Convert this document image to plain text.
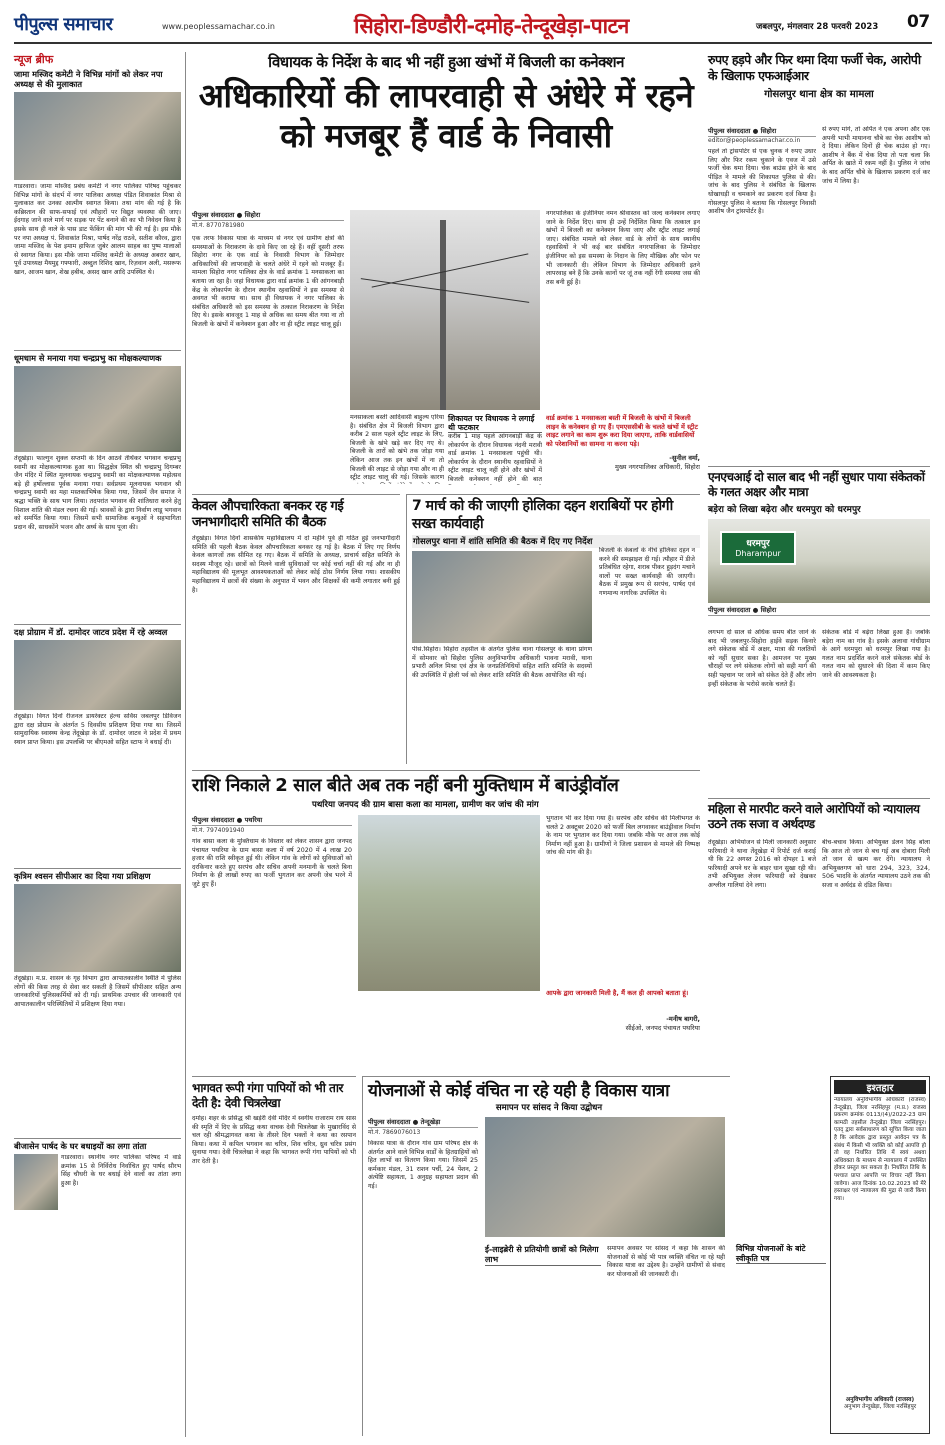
पीपुल्स समाचार	www.peoplessamachar.co.in	सिहोरा-डिण्डौरी-दमोह-तेन्दूखेड़ा-पाटन	जबलपुर, मंगलवार 28 फरवरी 2023 07
न्यूज ब्रीफ
जामा मस्जिद कमेटी ने विभिन्न मांगों को लेकर नपा अध्यक्ष से की मुलाकात
गाडरवारा। जामा मस्जिद प्रबंध कमेटी ने नगर पालिका परिषद पहुंचकर विभिन्न मांगों के संदर्भ में नगर पालिका अध्यक्ष पंडित शिवाकांत मिश्रा से मुलाकात कर उनका आत्मीय स्वागत किया। तथा मांग की गई है कि कब्रिस्तान की साफ-सफाई एवं त्यौहारों पर विद्युत व्यवस्था की जाए। ईदगाह जाने वाले मार्ग पर सड़क पर पेंट बनाने की का भी निवेदन किया है इसके साथ ही नाले के पास डाट फेंकिंग की मांग भी की गई है। इस मौके पर नपा अध्यक्ष पं. शिवाकांत मिश्रा, पार्षद नरेंद्र राठवे, सतीश कौरव, द्वारा जामा मस्जिद के पेश इमाम हाफिज जुबेर आलम साहब का पुष्प मालाओं से स्वागत किया। इस मौके जामा मस्जिद कमेटी के अध्यक्ष अबरार खान, पूर्व उपाध्यक्ष मैयमुद्द गफ्फारी, अब्दुल रिशिद खान, रिज़वान अली, मसरूफ खान, आजम खान, शेख हबीब, असद खान आदि उपस्थित थे।
धूमधाम से मनाया गया चन्द्रप्रभु का मोक्षकल्याणक
तेंदूखेड़ा। फाल्गुन शुक्ल सप्तमी के दिन आठवें तीर्थंकर भगवान चन्द्रप्रभु स्वामी का मोक्षकल्याणक हुआ था। सिद्धक्षेत्र स्थित श्री चन्द्रप्रभु दिगम्बर जैन मंदिर में स्थित मूलनायक चन्द्रप्रभु स्वामी का मोक्षकल्याणक महोत्सव बड़े ही हर्षोल्लास पूर्वक मनाया गया। सर्वप्रथम मूलनायक भगवान श्री चन्द्रप्रभु स्वामी का महा मस्तकाभिषेक किया गया, जिसमें जैन समाज ने श्रद्धा भक्ति के साथ भाग लिया। तदपरांत भगवान की शांतिधारा करने हेतु विशाल शांति की मंडल रचना की गई। श्रावकों के द्वारा निर्वाण लाडू भगवान को समर्पित किया गया। जिसमें सभी सामाजिक बन्धुओं ने सहभागिता प्रदान की, साधकोंने भजन और अर्घ्य के साथ पूजा की।
दक्ष प्रोग्राम में डॉ. दामोदर जाटव प्रदेश में रहे अव्वल
तेंदूखेड़ा। विगत दिनों रीजनल डायरेक्टर हेल्थ सर्विस जबलपुर डिविजन द्वारा दक्ष प्रोग्राम के अंतर्गत 5 दिवसीय प्रशिक्षण दिया गया था। जिसमें सामुदायिक स्वास्थ्य केन्द्र तेंदूखेड़ा के डॉ. दामोदर जाटव ने प्रदेश में प्रथम स्थान प्राप्त किया। इस उपलब्धि पर बीएमओ सहित स्टाफ ने बधाई दी।
कृत्रिम श्वसन सीपीआर का दिया गया प्रशिक्षण
तेंदूखेड़ा। म.प्र. शासन के गृह विभाग द्वारा आपातकालीन स्थिति में पुलिस लोगों की किस तरह से सेवा कर सकती है जिसमें सीपीआर सहित अन्य जानकारियों पुलिसकर्मियों को दी गई। प्राथमिक उपचार की जानकारी एवं आपातकालीन परिस्थितियों में प्रशिक्षण दिया गया।
बीजासेन पार्षद के घर बधाइयों का लगा तांता
गाडरवारा। स्थानीय नगर पालिका परिषद में वार्ड क्रमांक 15 से निर्विरोध निर्वाचित हुए पार्षद सौरभ सिंह चौधरी के घर बधाई देने वालों का तांता लगा हुआ है।
विधायक के निर्देश के बाद भी नहीं हुआ खंभों में बिजली का कनेक्शन
अधिकारियों की लापरवाही से अंधेरे में रहने को मजबूर हैं वार्ड के निवासी
पीपुल्स संवाददाता ● सिहोरा
मो.नं. 8770781980
एक तरफ विकास यात्रा के माध्यम से नगर एवं ग्रामीण क्षेत्रों की समस्याओं के निराकरण के दावे किए जा रहे हैं। वहीं दूसरी तरफ सिहोरा नगर के एक वार्ड के निवासी विभाग के जिम्मेदार अधिकारियों की लापरवाही के चलते अंधेरे में रहने को मजबूर हैं। मामला सिहोरा नगर पालिका क्षेत्र के वार्ड क्रमांक 1 मनसाकला का बताया जा रहा है। जहां विधायक द्वारा वार्ड क्रमांक 1 की आंगनबाड़ी केंद्र के लोकार्पण के दौरान स्थानीय रहवासियों ने इस समस्या से अवगत भी कराया था। साथ ही विधायक ने नगर पालिका के संबंधित अधिकारी को इस समस्या के तत्काल निराकरण के निर्देश दिए थे। इसके बावजूद 1 माह से अधिक का समय बीत गया ना तो बिजली के खंभों में कनेक्शन हुआ और ना ही स्ट्रीट लाइट चालू हुई।
नगरपालिका के इंजीनियर नमन श्रीवास्तव को जल्द कनेक्शन लगाए जाने के निर्देश दिए। साथ ही उन्हें निर्देशित किया कि तत्काल इन खंभों में बिजली का कनेक्शन किया जाए और स्ट्रीट लाइट लगाई जाए। संबंधित मामले को लेकर वार्ड के लोगों के साथ स्थानीय रहवासियों ने भी कई बार संबंधित नगरपालिका के जिम्मेदार इंजीनियर को इस समस्या के निदान के लिए मौखिक और फोन पर भी जानकारी दी। लेकिन विभाग के जिम्मेदार अधिकारी इतने लापरवाह बने हैं कि उनके कानों पर जूं तक नहीं रेंगी समस्या जस की तस बनी हुई है।
मनसाकला बस्ती आदिवासी बाहुल्य एरिया है। संबंधित क्षेत्र में बिजली विभाग द्वारा करीब 2 साल पहले स्ट्रीट लाइट के लिए, बिजली के खंभे खड़े कर दिए गए थे। बिजली के तारों को खंभे तक जोड़ा गया लेकिन आज तक इन खंभों में ना तो बिजली की लाइट से जोड़ा गया और ना ही स्ट्रीट लाइट चालू की गई। जिसके कारण
शिकायत पर विधायक ने लगाई थी फटकार
करीब 1 माह पहले आंगनबाड़ी केंद्र के लोकार्पण के दौरान विधायक नंदनी मरावी वार्ड क्रमांक 1 मनसाकला पहुंची थी। लोकार्पण के दौरान स्थानीय रहवासियों ने स्ट्रीट लाइट चालू नहीं होने और खंभों में बिजली कनेक्शन नहीं होने की बात
वार्ड क्रमांक 1 मनसाकला बस्ती में बिजली के खंभों में बिजली लाइन के कनेक्शन हो गए हैं। एमएससीबी के चलते खंभों में स्ट्रीट लाइट लगाने का काम शुरू करा दिया जाएगा, ताकि वार्डवासियों को परेशानियों का सामना ना करना पड़े।
-सुनील वर्मा,
मुख्य नगरपालिका अधिकारी, सिहोरा
केवल औपचारिकता बनकर रह गई जनभागीदारी समिति की बैठक
तेंदूखेड़ा। विगत दिनों शासकीय महाविद्यालय में दो महीने पूर्व ही गठित हुई जनभागीदारी समिति की पहली बैठक केवल औपचारिकता बनकर रह गई है। बैठक में लिए गए निर्णय केवल कागजों तक सीमित रह गए। बैठक में समिति के अध्यक्ष, प्राचार्य सहित समिति के सदस्य मौजूद रहे। छात्रों को मिलने वाली सुविधाओं पर कोई चर्चा नहीं की गई और ना ही महाविद्यालय की मूलभूत आवश्यकताओं को लेकर कोई ठोस निर्णय लिया गया। शासकीय महाविद्यालय में छात्रों की संख्या के अनुपात में भवन और शिक्षकों की कमी लगातार बनी हुई है।
7 मार्च को की जाएगी होलिका दहन शराबियों पर होगी सख्त कार्यवाही
गोसलपुर थाना में शांति समिति की बैठक में दिए गए निर्देश
बिजली के केबलों के नीचे होलिका दहन न करने की समझाइश दी गई। त्यौहार में डीजे प्रतिबंधित रहेगा, शराब पीकर हुड़दंग मचाने वालों पर सख्त कार्यवाही की जाएगी। बैठक में प्रमुख रूप से सरपंच, पार्षद एवं गणमान्य नागरिक उपस्थित थे।
पीसं.सिहोरा। सिहोरा तहसील के अंतर्गत पुलिस थाना गोसलपुर के थाना प्रांगण में सोमवार को सिहोरा पुलिस अनुविभागीय अधिकारी भावना मरावी, थाना प्रभारी अनिल मिश्रा एवं क्षेत्र के जनप्रतिनिधियों सहित शांति समिति के सदस्यों की उपस्थिति में होली पर्व को लेकर शांति समिति की बैठक आयोजित की गई।
राशि निकाले 2 साल बीते अब तक नहीं बनी मुक्तिधाम में बाउंड्रीवॉल
पथरिया जनपद की ग्राम बासा कला का मामला, ग्रामीण कर जांच की मांग
पीपुल्स संवाददाता ● पथरिया
मो.नं. 7974091940
गांव बासा कला के मुक्तिधाम के विस्तार को लेकर शासन द्वारा जनपद पंचायत पथरिया के ग्राम बासा कला में वर्ष 2020 में 4 लाख 20 हजार की राशि स्वीकृत हुई थी। लेकिन गांव के लोगों को सुविधाओं को दरकिनार करते हुए सरपंच और सचिव अपनी मनमानी के चलते बिना निर्माण के ही लाखों रुपए का फर्जी भुगतान कर अपनी जेब भरने में जुटे हुए हैं।
भुगतान भी कर दिया गया है। सरपंच और सचिव की मिलीभगत के चलते 2 अक्टूबर 2020 को फर्जी बिल लगवाकर बाउंड्रीवाल निर्माण के नाम पर भुगतान कर दिया गया। जबकि मौके पर आज तक कोई निर्माण नहीं हुआ है। ग्रामीणों ने जिला प्रशासन से मामले की निष्पक्ष जांच की मांग की है।
आपके द्वारा जानकारी मिली है, मैं कल ही आपको बताता हूं।
-मनीष बागरी,
सीईओ, जनपद पंचायत पथरिया
भागवत रूपी गंगा पापियों को भी तार देती है: देवी चित्रलेखा
दमोह। शहर के प्रसिद्ध श्री खड़ेरी देवी मंदिर में स्वर्गीय राजाराम राय सास की स्मृति में दिए के प्रसिद्ध कथा वाचक देवी चित्रलेखा के मुखारविंद से चल रही श्रीमद्भागवत कथा के तीसरे दिन भक्तों ने कथा का रसपान किया। कथा में कपिल भगवान का चरित्र, शिव चरित्र, ध्रुव चरित्र प्रसंग सुनाया गया। देवी चित्रलेखा ने कहा कि भागवत रूपी गंगा पापियों को भी तार देती है।
योजनाओं से कोई वंचित ना रहे यही है विकास यात्रा
समापन पर सांसद ने किया उद्बोधन
पीपुल्स संवाददाता ● तेन्दूखेड़ा
मो.नं. 7869076013
विकास यात्रा के दौरान गांव ग्राम परिषद क्षेत्र के अंतर्गत आने वाले विभिन्न वार्डों के हितग्राहियों को हित लाभों का वितरण किया गया। जिसमें 25 कर्मकार मंडल, 31 राशन पर्ची, 24 पेंशन, 2 अंत्येष्टि सहायता, 1 अनुग्रह सहायता प्रदान की गई।
ई-लाइब्रेरी से प्रतियोगी छात्रों को मिलेगा लाभ
समापन अवसर पर सांसद ने कहा कि शासन की योजनाओं से कोई भी पात्र व्यक्ति वंचित ना रहे यही विकास यात्रा का उद्देश्य है। उन्होंने ग्रामीणों से संवाद कर योजनाओं की जानकारी दी।
रुपए हड़पे और फिर थमा दिया फर्जी चेक, आरोपी के खिलाफ एफआईआर
गोसलपुर थाना क्षेत्र का मामला
पीपुल्स संवाददाता ● सिहोरा
editor@peoplessamachar.co.in
पहले तो ट्रांसपोर्टर से एक चुनक ने रुपए उधार लिए और फिर रकम चुकाने के एवज में उसे फर्जी चेक थमा दिया। चेक बाउंस होने के बाद पीड़ित ने मामले की शिकायत पुलिस से की। जांच के बाद पुलिस ने संबंधित के खिलाफ धोखाधड़ी व चमकाने का प्रकरण दर्ज किया है। गोसलपुर पुलिस ने बताया कि गोसलपुर निवासी आशीष जैन ट्रांसपोर्टर है।
से रुपए मांगे, तो अर्पित ने एक अपना और एक अपनी भाभी मायानना चौबे का चेक आशीष को दे दिया। लेकिन दिनों ही चेक बाउंस हो गए। आशीष ने बैंक में चेक दिया तो पता चला कि अर्पित के खाते में रकम नहीं है। पुलिस ने जांच के बाद अर्पित चौबे के खिलाफ प्रकरण दर्ज कर जांच में लिया है।
एनएचआई दो साल बाद भी नहीं सुधार पाया संकेतकों के गलत अक्षर और मात्रा
बड़ेरा को लिखा बढ़ेरा और धरमपुरा को धरमपुर
धरमपुर
Dharampur
पीपुल्स संवाददाता ● सिहोरा
लगभग दो साल से अधिक समय बीत जाने के बाद भी जबलपुर-सिहोरा हाईवे सड़क किनारे लगे संकेतक बोर्ड में अक्षर, मात्रा की गलतियों को नहीं सुधार सका है। आमजन पर मुख्य चौराहों पर लगे संकेतक लोगों को सही मार्ग की सही पहचान पर जाने को संकेत देते हैं और लोग इन्हीं संकेतक के भरोसे करके चलते हैं।
संकेतक बोर्ड में बढ़ेरा लिखा हुआ है। जबकि बड़ेरा नाम का गांव है। इसके अलावा गांधीग्राम के आगे धरमपुरा को धरमपुर लिखा गया है। गलत नाम प्रदर्शित करने वाले संकेतक बोर्ड के गलत नाम को सुधारने की दिशा में काम किए जाने की आवश्यकता है।
महिला से मारपीट करने वाले आरोपियों को न्यायालय उठने तक सजा व अर्थदण्ड
तेंदूखेड़ा। अभियोजन से मिली जानकारी अनुसार फरियादी ने थाना तेंदूखेड़ा में रिपोर्ट दर्ज कराई थी कि 22 अगस्त 2016 को दोपहर 1 बजे फरियादी अपने घर के बाहर धान सुखा रही थी। तभी अभियुक्त लेजन फरियादी को देखकर अश्लील गालियां देने लगा।
बीच-बचाव किया। अभियुक्त डेलन सिंह बोला कि आज तो जान से बच गई अब दोबारा मिली तो जान से खत्म कर देंगे। न्यायालय ने अभियुक्तगण को धारा 294, 323, 324, 506 भादवि के अंतर्गत न्यायालय उठने तक की सजा व अर्थदंड से दंडित किया।
इश्तहार
न्यायालय अनुविभागीय अधिकारी (राजस्व) तेन्दूखेड़ा, जिला नरसिंहपुर (म.प्र.) राजस्व प्रकरण क्रमांक 0113/(4)/2022-23 ग्राम कामठी तहसील तेन्दूखेड़ा जिला नरसिंहपुर। एतद् द्वारा सर्वसाधारण को सूचित किया जाता है कि आवेदक द्वारा प्रस्तुत आवेदन पत्र के संबंध में किसी भी व्यक्ति को कोई आपत्ति हो तो वह निर्धारित तिथि में स्वयं अथवा अधिवक्ता के माध्यम से न्यायालय में उपस्थित होकर प्रस्तुत कर सकता है। निर्धारित तिथि के पश्चात प्राप्त आपत्ति पर विचार नहीं किया जावेगा। आज दिनांक 10.02.2023 को मेरे हस्ताक्षर एवं न्यायालय की मुद्रा से जारी किया गया।
अनुविभागीय अधिकारी (राजस्व)
अनुभाग तेन्दूखेड़ा, जिला नरसिंहपुर
विभिन्न योजनाओं के बांटे स्वीकृति पत्र
